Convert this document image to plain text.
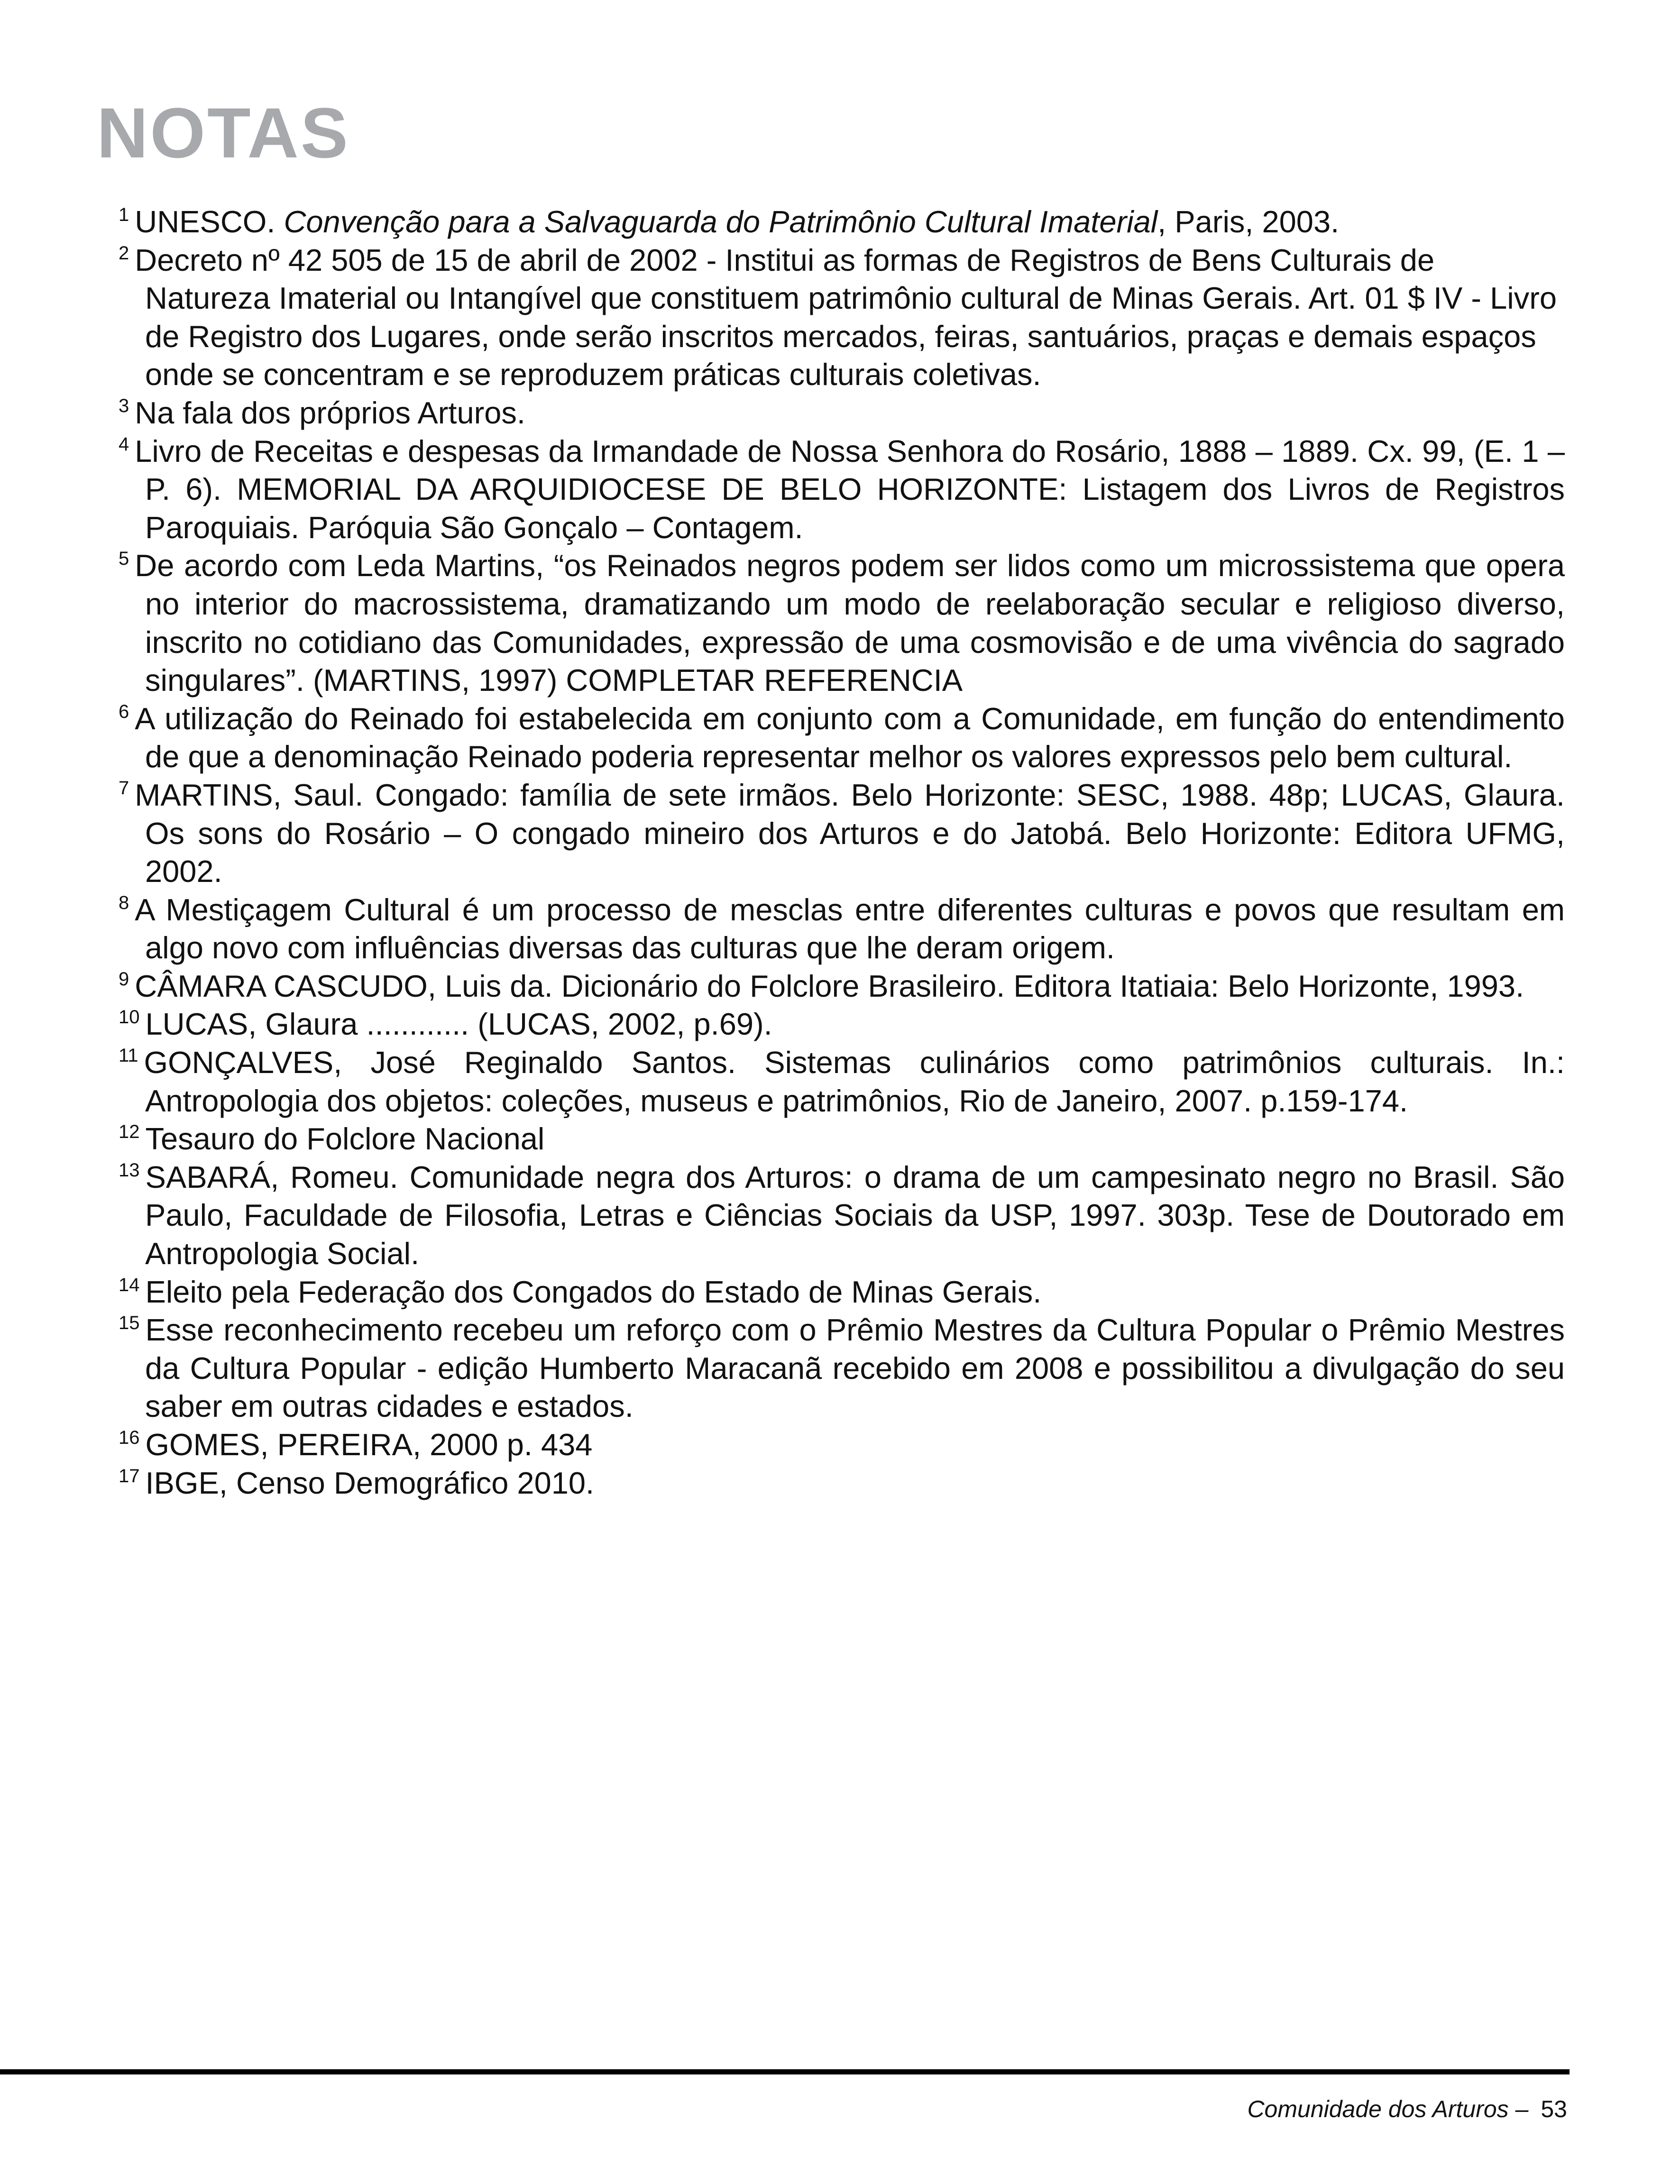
NOTAS
1 UNESCO. Convenção para a Salvaguarda do Patrimônio Cultural Imaterial, Paris, 2003.
2 Decreto nº 42 505 de 15 de abril de 2002 - Institui as formas de Registros de Bens Culturais de Natureza Imaterial ou Intangível que constituem patrimônio cultural de Minas Gerais. Art. 01 $ IV - Livro de Registro dos Lugares, onde serão inscritos mercados, feiras, santuários, praças e demais espaços onde se concentram e se reproduzem práticas culturais coletivas.
3 Na fala dos próprios Arturos.
4 Livro de Receitas e despesas da Irmandade de Nossa Senhora do Rosário, 1888 – 1889. Cx. 99, (E. 1 – P. 6). MEMORIAL DA ARQUIDIOCESE DE BELO HORIZONTE: Listagem dos Livros de Registros Paroquiais. Paróquia São Gonçalo – Contagem.
5 De acordo com Leda Martins, “os Reinados negros podem ser lidos como um microssistema que opera no interior do macrossistema, dramatizando um modo de reelaboração secular e religioso diverso, inscrito no cotidiano das Comunidades, expressão de uma cosmovisão e de uma vivência do sagrado singulares”. (MARTINS, 1997) COMPLETAR REFERENCIA
6 A utilização do Reinado foi estabelecida em conjunto com a Comunidade, em função do entendimento de que a denominação Reinado poderia representar melhor os valores expressos pelo bem cultural.
7 MARTINS, Saul. Congado: família de sete irmãos. Belo Horizonte: SESC, 1988. 48p; LUCAS, Glaura. Os sons do Rosário – O congado mineiro dos Arturos e do Jatobá. Belo Horizonte: Editora UFMG, 2002.
8 A Mestiçagem Cultural é um processo de mesclas entre diferentes culturas e povos que resultam em algo novo com influências diversas das culturas que lhe deram origem.
9 CÂMARA CASCUDO, Luis da. Dicionário do Folclore Brasileiro. Editora Itatiaia: Belo Horizonte, 1993.
10 LUCAS, Glaura ............ (LUCAS, 2002, p.69).
11 GONÇALVES, José Reginaldo Santos. Sistemas culinários como patrimônios culturais. In.: Antropologia dos objetos: coleções, museus e patrimônios, Rio de Janeiro, 2007. p.159-174.
12 Tesauro do Folclore Nacional
13 SABARÁ, Romeu. Comunidade negra dos Arturos: o drama de um campesinato negro no Brasil. São Paulo, Faculdade de Filosofia, Letras e Ciências Sociais da USP, 1997. 303p. Tese de Doutorado em Antropologia Social.
14 Eleito pela Federação dos Congados do Estado de Minas Gerais.
15 Esse reconhecimento recebeu um reforço com o Prêmio Mestres da Cultura Popular o Prêmio Mestres da Cultura Popular - edição Humberto Maracanã recebido em 2008 e possibilitou a divulgação do seu saber em outras cidades e estados.
16 GOMES, PEREIRA, 2000 p. 434
17 IBGE, Censo Demográfico 2010.
Comunidade dos Arturos – 53
